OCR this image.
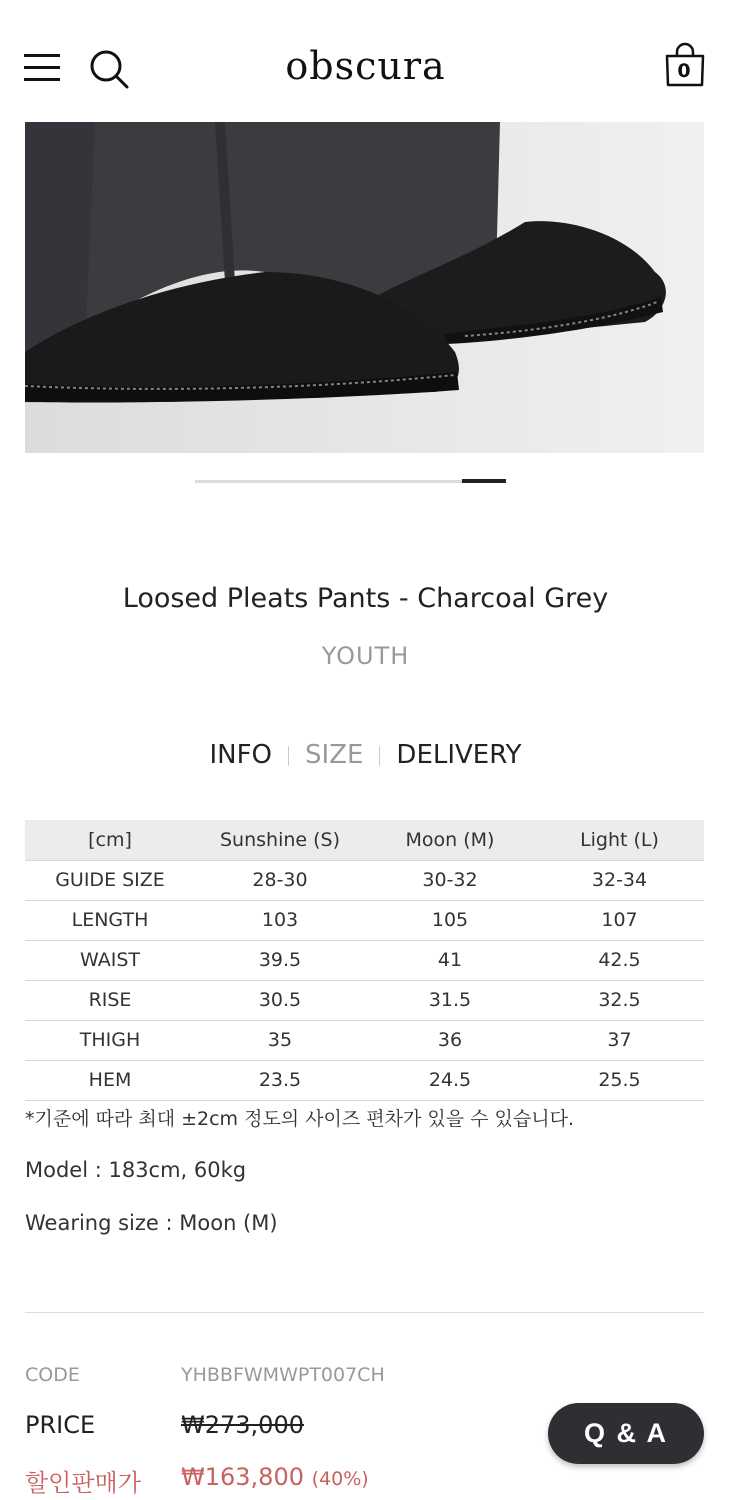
obscura	0
Loosed Pleats Pants - Charcoal Grey
YOUTH
INFO SIZE DELIVERY
[cm]	Sunshine (S)	Moon (M)	Light (L)
GUIDE SIZE	28-30	30-32	32-34
LENGTH	103	105	107
WAIST	39.5	41	42.5
RISE	30.5	31.5	32.5
THIGH	35	36	37
HEM	23.5	24.5	25.5
*기준에 따라 최대 ±2cm 정도의 사이즈 편차가 있을 수 있습니다.
Model : 183cm, 60kg
Wearing size : Moon (M)
CODE	YHBBFWMWPT007CH
PRICE	₩273,000
할인판매가 ₩163,800 (40%)
Q & A
